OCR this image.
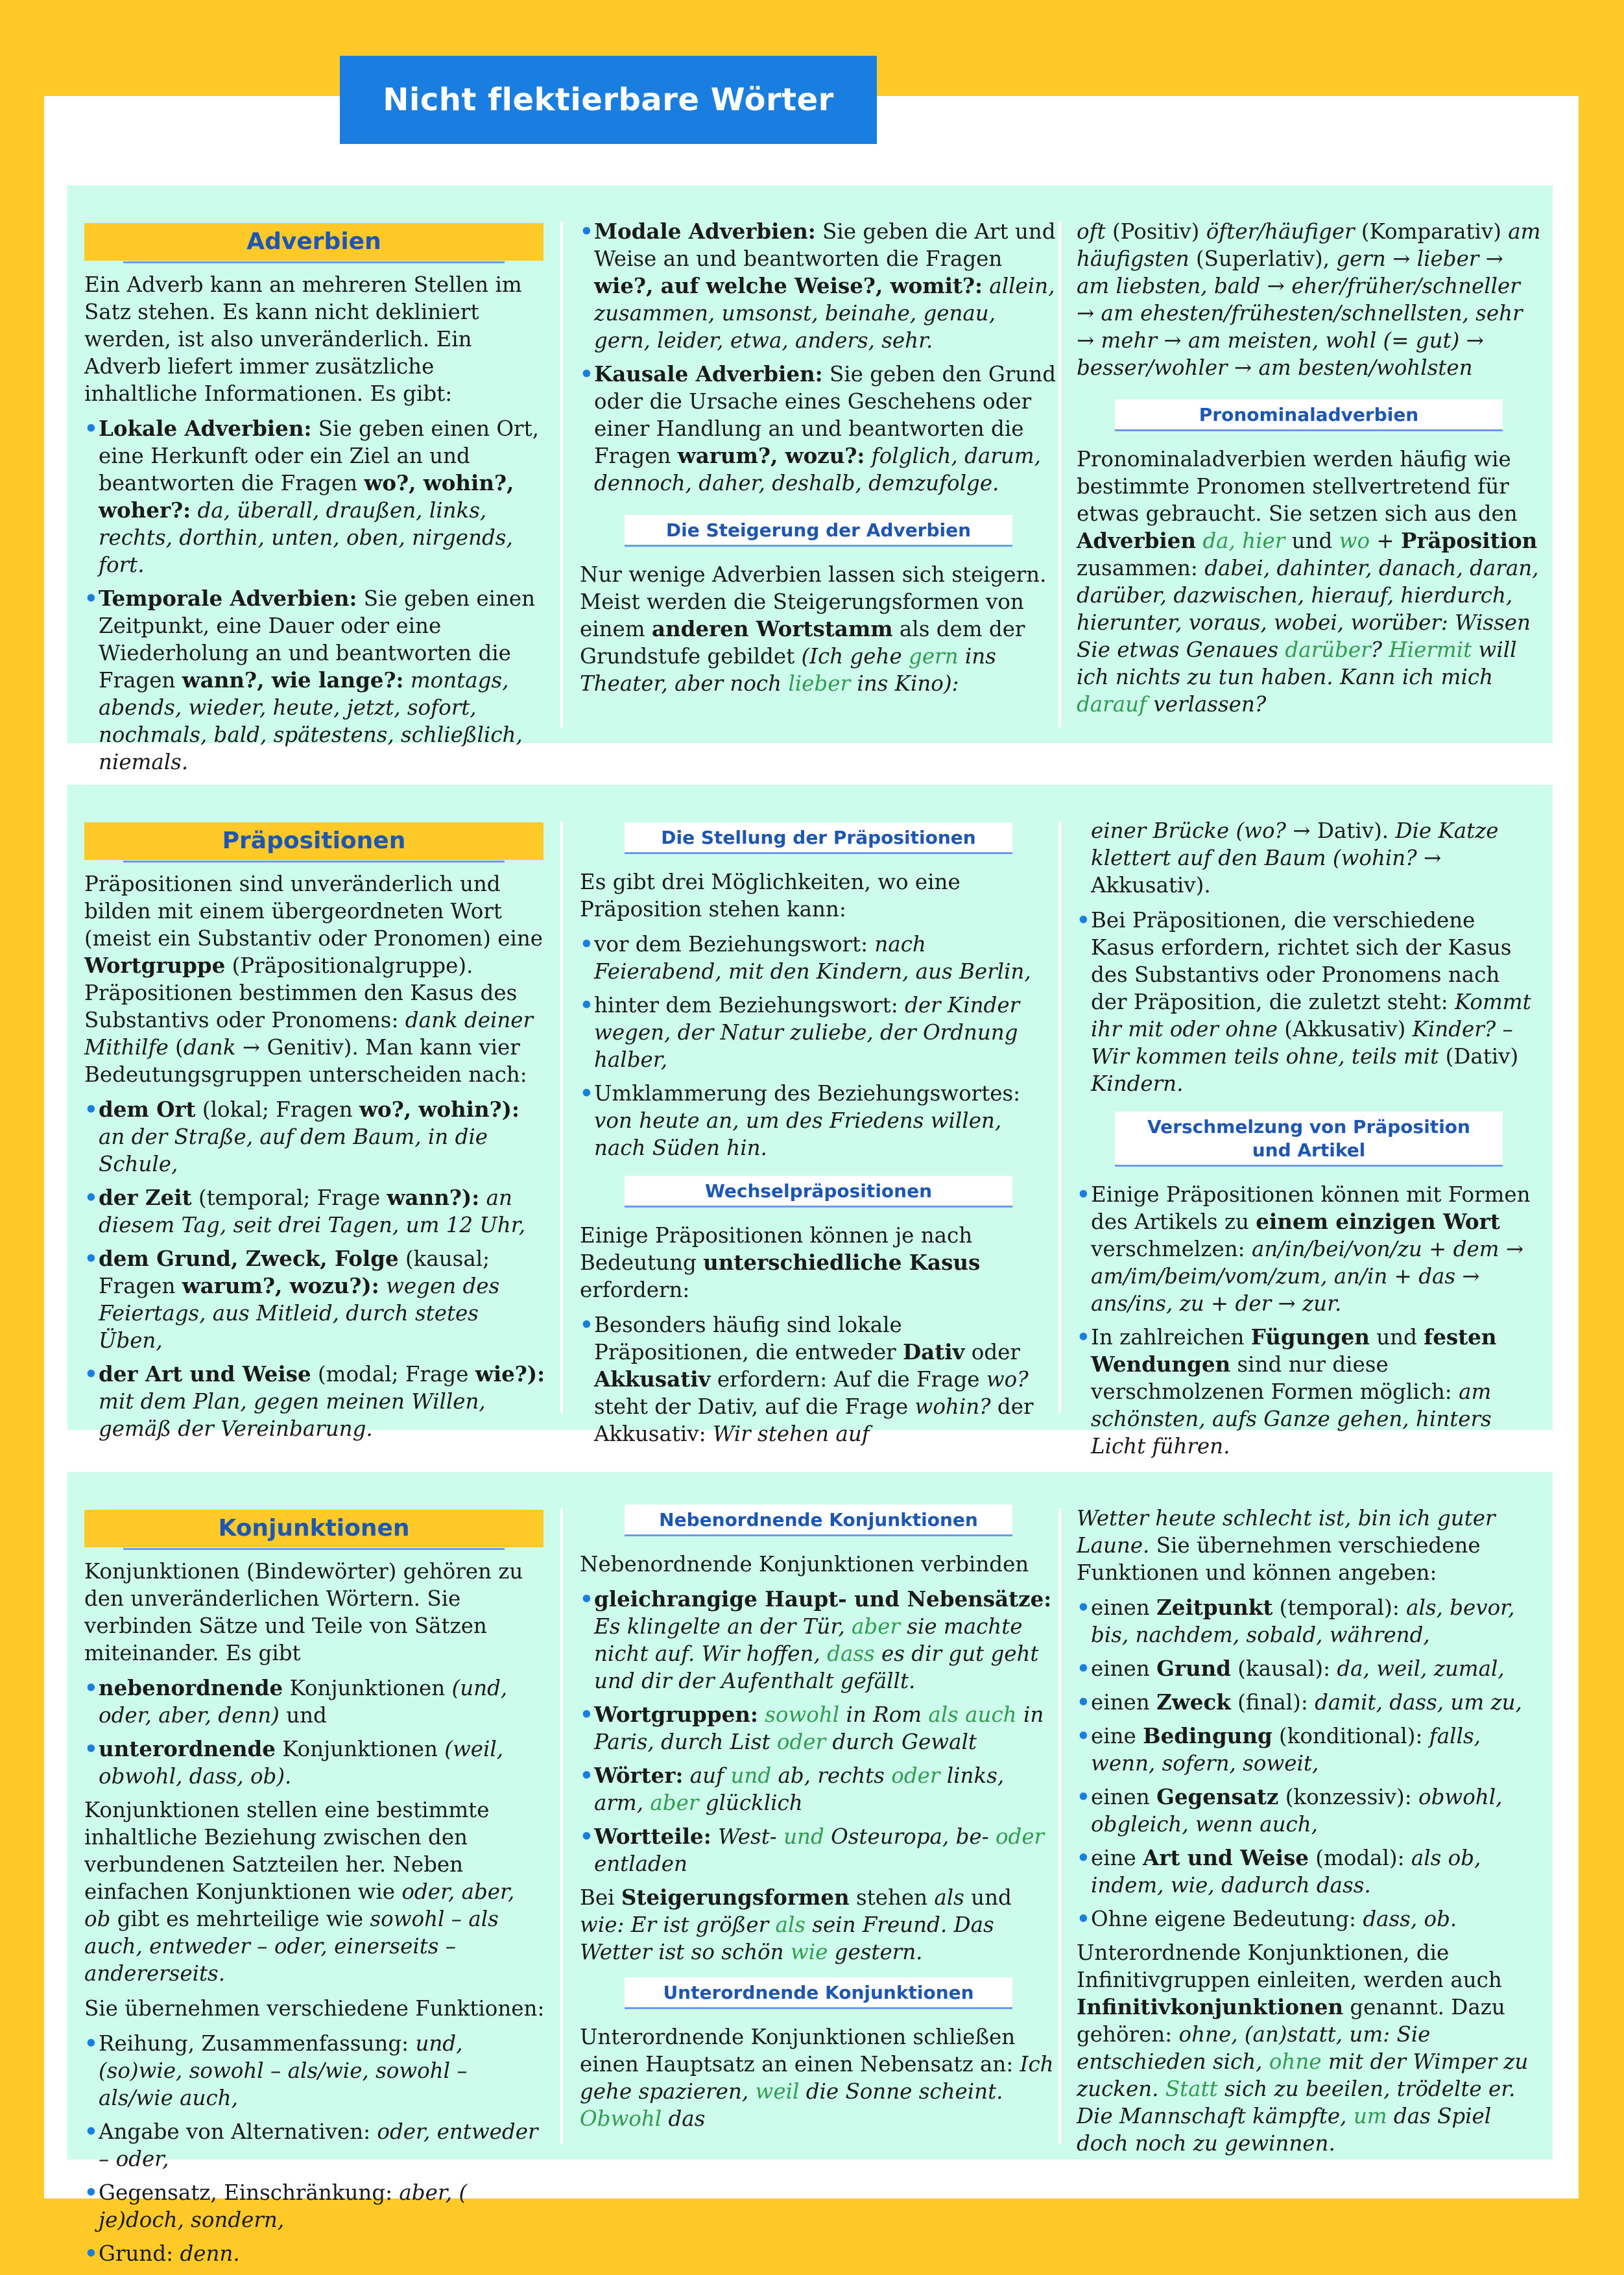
Nicht flektierbare Wörter
Adverbien

Ein Adverb kann an mehreren Stellen im Satz stehen. Es kann nicht dekliniert werden, ist also unveränderlich. Ein Adverb liefert immer zusätzliche inhaltliche Informationen. Es gibt:

• Lokale Adverbien: Sie geben einen Ort, eine Herkunft oder ein Ziel an und beantworten die Fragen wo?, wohin?, woher?: da, überall, draußen, links, rechts, dorthin, unten, oben, nirgends, fort.
• Temporale Adverbien: Sie geben einen Zeitpunkt, eine Dauer oder eine Wiederholung an und beantworten die Fragen wann?, wie lange?: montags, abends, wieder, heute, jetzt, sofort, nochmals, bald, spätestens, schließlich, niemals.
• Modale Adverbien: Sie geben die Art und Weise an und beantworten die Fragen wie?, auf welche Weise?, womit?: allein, zusammen, umsonst, beinahe, genau, gern, leider, etwa, anders, sehr.
• Kausale Adverbien: Sie geben den Grund oder die Ursache eines Geschehens oder einer Handlung an und beantworten die Fragen warum?, wozu?: folglich, darum, dennoch, daher, deshalb, demzufolge.
Die Steigerung der Adverbien

Nur wenige Adverbien lassen sich steigern. Meist werden die Steigerungsformen von einem anderen Wortstamm als dem der Grundstufe gebildet (Ich gehe gern ins Theater, aber noch lieber ins Kino):

oft (Positiv) öfter/häufiger (Komparativ) am häufigsten (Superlativ), gern → lieber → am liebsten, bald → eher/früher/schneller → am ehesten/frühesten/schnellsten, sehr → mehr → am meisten, wohl (= gut) → besser/wohler → am besten/wohlsten

Pronominaladverbien

Pronominaladverbien werden häufig wie bestimmte Pronomen stellvertretend für etwas gebraucht. Sie setzen sich aus den Adverbien da, hier und wo + Präposition zusammen: dabei, dahinter, danach, daran, darüber, dazwischen, hierauf, hierdurch, hierunter, voraus, wobei, worüber: Wissen Sie etwas Genaues darüber? Hiermit will ich nichts zu tun haben. Kann ich mich darauf verlassen?

Präpositionen

Präpositionen sind unveränderlich und bilden mit einem übergeordneten Wort (meist ein Substantiv oder Pronomen) eine Wortgruppe (Präpositionalgruppe). Präpositionen bestimmen den Kasus des Substantivs oder Pronomens: dank deiner Mithilfe (dank → Genitiv). Man kann vier Bedeutungsgruppen unterscheiden nach:

• dem Ort (lokal; Fragen wo?, wohin?): an der Straße, auf dem Baum, in die Schule,
• der Zeit (temporal; Frage wann?): an diesem Tag, seit drei Tagen, um 12 Uhr,
• dem Grund, Zweck, Folge (kausal; Fragen warum?, wozu?): wegen des Feiertags, aus Mitleid, durch stetes Üben,
• der Art und Weise (modal; Frage wie?): mit dem Plan, gegen meinen Willen, gemäß der Vereinbarung.
Die Stellung der Präpositionen

Es gibt drei Möglichkeiten, wo eine Präposition stehen kann:

• vor dem Beziehungswort: nach Feierabend, mit den Kindern, aus Berlin,
• hinter dem Beziehungswort: der Kinder wegen, der Natur zuliebe, der Ordnung halber,
• Umklammerung des Beziehungswortes: von heute an, um des Friedens willen, nach Süden hin.
Wechselpräpositionen

Einige Präpositionen können je nach Bedeutung unterschiedliche Kasus erfordern:

• Besonders häufig sind lokale Präpositionen, die entweder Dativ oder Akkusativ erfordern: Auf die Frage wo? steht der Dativ, auf die Frage wohin? der Akkusativ: Wir stehen auf

einer Brücke (wo? → Dativ). Die Katze klettert auf den Baum (wohin? → Akkusativ).

• Bei Präpositionen, die verschiedene Kasus erfordern, richtet sich der Kasus des Substantivs oder Pronomens nach der Präposition, die zuletzt steht: Kommt ihr mit oder ohne (Akkusativ) Kinder? – Wir kommen teils ohne, teils mit (Dativ) Kindern.
Verschmelzung von Präposition
und Artikel
• Einige Präpositionen können mit Formen des Artikels zu einem einzigen Wort verschmelzen: an/in/bei/von/zu + dem → am/im/beim/vom/zum, an/in + das → ans/ins, zu + der → zur.
• In zahlreichen Fügungen und festen Wendungen sind nur diese verschmolzenen Formen möglich: am schönsten, aufs Ganze gehen, hinters Licht führen.
Konjunktionen

Konjunktionen (Bindewörter) gehören zu den unveränderlichen Wörtern. Sie verbinden Sätze und Teile von Sätzen miteinander. Es gibt

• nebenordnende Konjunktionen (und, oder, aber, denn) und
• unterordnende Konjunktionen (weil, obwohl, dass, ob).

Konjunktionen stellen eine bestimmte inhaltliche Beziehung zwischen den verbundenen Satzteilen her. Neben einfachen Konjunktionen wie oder, aber, ob gibt es mehrteilige wie sowohl – als auch, entweder – oder, einerseits – andererseits.

Sie übernehmen verschiedene Funktionen:

• Reihung, Zusammenfassung: und, (so)wie, sowohl – als/wie, sowohl – als/wie auch,
• Angabe von Alternativen: oder, entweder – oder,
• Gegensatz, Einschränkung: aber, ( je)doch, sondern,
• Grund: denn.
Nebenordnende Konjunktionen

Nebenordnende Konjunktionen verbinden

• gleichrangige Haupt- und Nebensätze: Es klingelte an der Tür, aber sie machte nicht auf. Wir hoffen, dass es dir gut geht und dir der Aufenthalt gefällt.
• Wortgruppen: sowohl in Rom als auch in Paris, durch List oder durch Gewalt
• Wörter: auf und ab, rechts oder links, arm, aber glücklich
• Wortteile: West- und Osteuropa, be- oder entladen

Bei Steigerungsformen stehen als und wie: Er ist größer als sein Freund. Das Wetter ist so schön wie gestern.

Unterordnende Konjunktionen

Unterordnende Konjunktionen schließen einen Hauptsatz an einen Nebensatz an: Ich gehe spazieren, weil die Sonne scheint. Obwohl das

Wetter heute schlecht ist, bin ich guter Laune. Sie übernehmen verschiedene Funktionen und können angeben:

• einen Zeitpunkt (temporal): als, bevor, bis, nachdem, sobald, während,
• einen Grund (kausal): da, weil, zumal,
• einen Zweck (final): damit, dass, um zu,
• eine Bedingung (konditional): falls, wenn, sofern, soweit,
• einen Gegensatz (konzessiv): obwohl, obgleich, wenn auch,
• eine Art und Weise (modal): als ob, indem, wie, dadurch dass.
• Ohne eigene Bedeutung: dass, ob.

Unterordnende Konjunktionen, die Infinitivgruppen einleiten, werden auch Infinitivkonjunktionen genannt. Dazu gehören: ohne, (an)statt, um: Sie entschieden sich, ohne mit der Wimper zu zucken. Statt sich zu beeilen, trödelte er. Die Mannschaft kämpfte, um das Spiel doch noch zu gewinnen.
